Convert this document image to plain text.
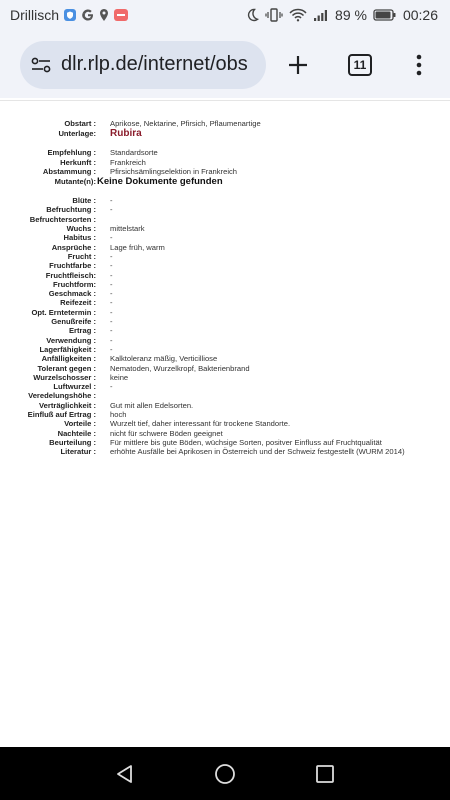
Drillisch	89 %	00:26
dlr.rlp.de/internet/obs	11
Obstart :	Aprikose, Nektarine, Pfirsich, Pflaumenartige
Unterlage:	Rubira
Empfehlung :	Standardsorte
Herkunft :	Frankreich
Abstammung :	Pfirsichsämlingselektion in Frankreich
Mutante(n): Keine Dokumente gefunden
Blüte :	-
Befruchtung :	-
Befruchtersorten :
Wuchs :	mittelstark
Habitus :	-
Ansprüche :	Lage früh, warm
Frucht :	-
Fruchtfarbe :	-
Fruchtfleisch:	-
Fruchtform:	-
Geschmack :	-
Reifezeit :	-
Opt. Erntetermin :	-
Genußreife :	-
Ertrag :	-
Verwendung :	-
Lagerfähigkeit :	-
Anfälligkeiten :	Kalktoleranz mäßig, Verticilliose
Tolerant gegen :	Nematoden, Wurzelkropf, Bakterienbrand
Wurzelschosser :	keine
Luftwurzel :	-
Veredelungshöhe :
Verträglichkeit :	Gut mit allen Edelsorten.
Einfluß auf Ertrag :	hoch
Vorteile :	Wurzelt tief, daher interessant für trockene Standorte.
Nachteile :	nicht für schwere Böden geeignet
Beurteilung :	Für mittlere bis gute Böden, wüchsige Sorten, positver Einfluss auf Fruchtqualität
Literatur :	erhöhte Ausfälle bei Aprikosen in Österreich und der Schweiz festgestellt (WURM 2014)
